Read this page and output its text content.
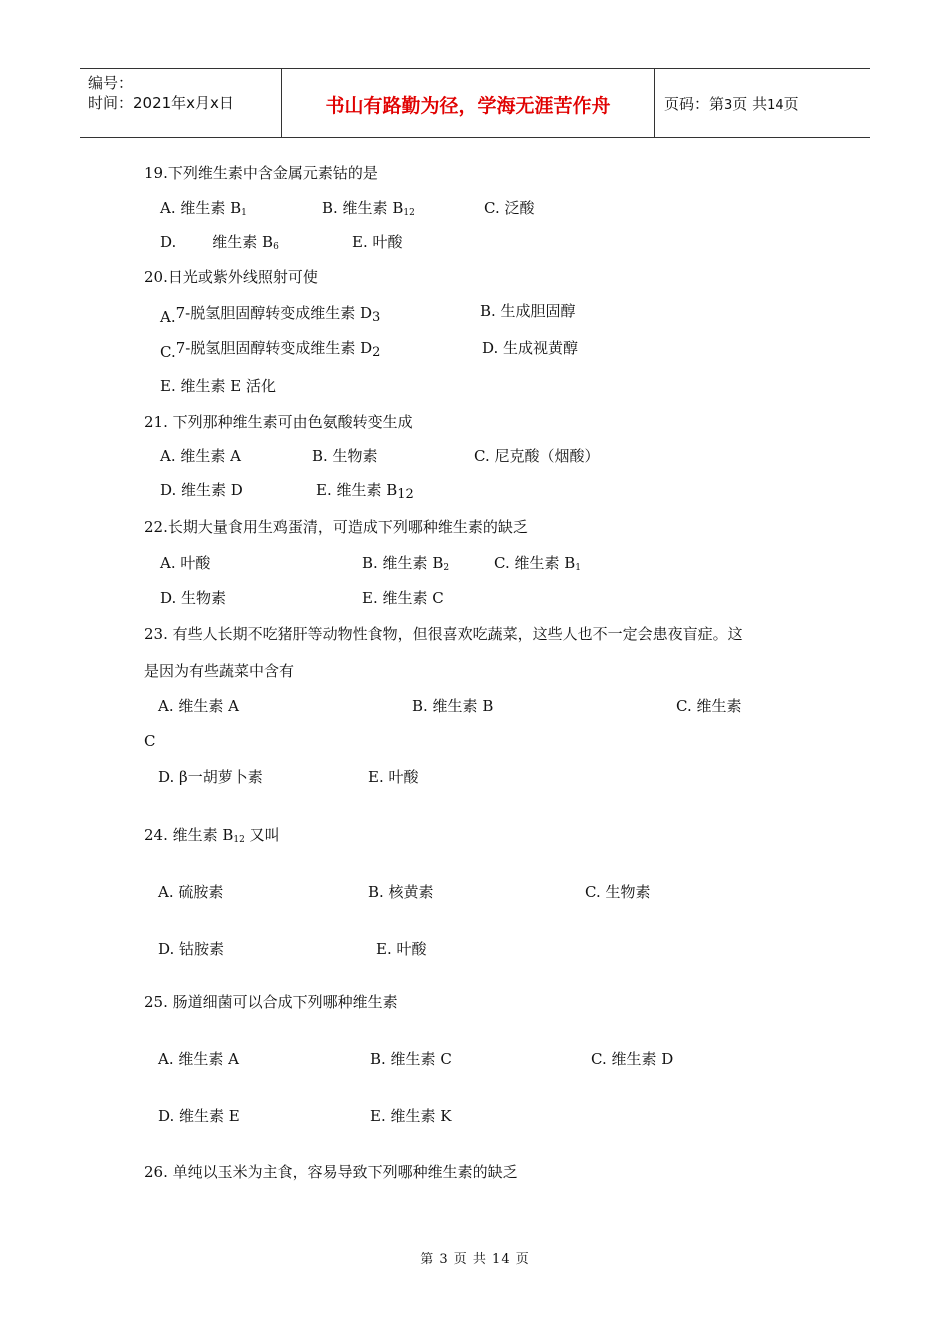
编号：
时间：2021年x月x日	书山有路勤为径，学海无涯苦作舟	页码：第3页 共14页
19.下列维生素中含金属元素钴的是
A. 维生素 $B_1$	B. 维生素 $B_{12}$	C. 泛酸
D. 维生素 $B_6$	E. 叶酸
20.日光或紫外线照射可使
A.7-脱氢胆固醇转变成维生素 D3	B. 生成胆固醇
C.7-脱氢胆固醇转变成维生素 D2	D. 生成视黄醇
E. 维生素 E 活化
21. 下列那种维生素可由色氨酸转变生成
A. 维生素 A	B. 生物素	C. 尼克酸（烟酸）
D. 维生素 D	E. 维生素 B12
22.长期大量食用生鸡蛋清，可造成下列哪种维生素的缺乏
A. 叶酸	B. 维生素 $B_2$	C. 维生素 $B_1$
D. 生物素	E. 维生素 C
23. 有些人长期不吃猪肝等动物性食物，但很喜欢吃蔬菜，这些人也不一定会患夜盲症。这
是因为有些蔬菜中含有
A. 维生素 A	B. 维生素 B	C. 维生素
C
D. β一胡萝卜素	E. 叶酸
24. 维生素 $B_{12}$ 又叫
A. 硫胺素	B. 核黄素	C. 生物素
D. 钴胺素	E. 叶酸
25. 肠道细菌可以合成下列哪种维生素
A. 维生素 A	B. 维生素 C	C. 维生素 D
D. 维生素 E	E. 维生素 K
26. 单纯以玉米为主食，容易导致下列哪种维生素的缺乏
第 3 页 共 14 页
